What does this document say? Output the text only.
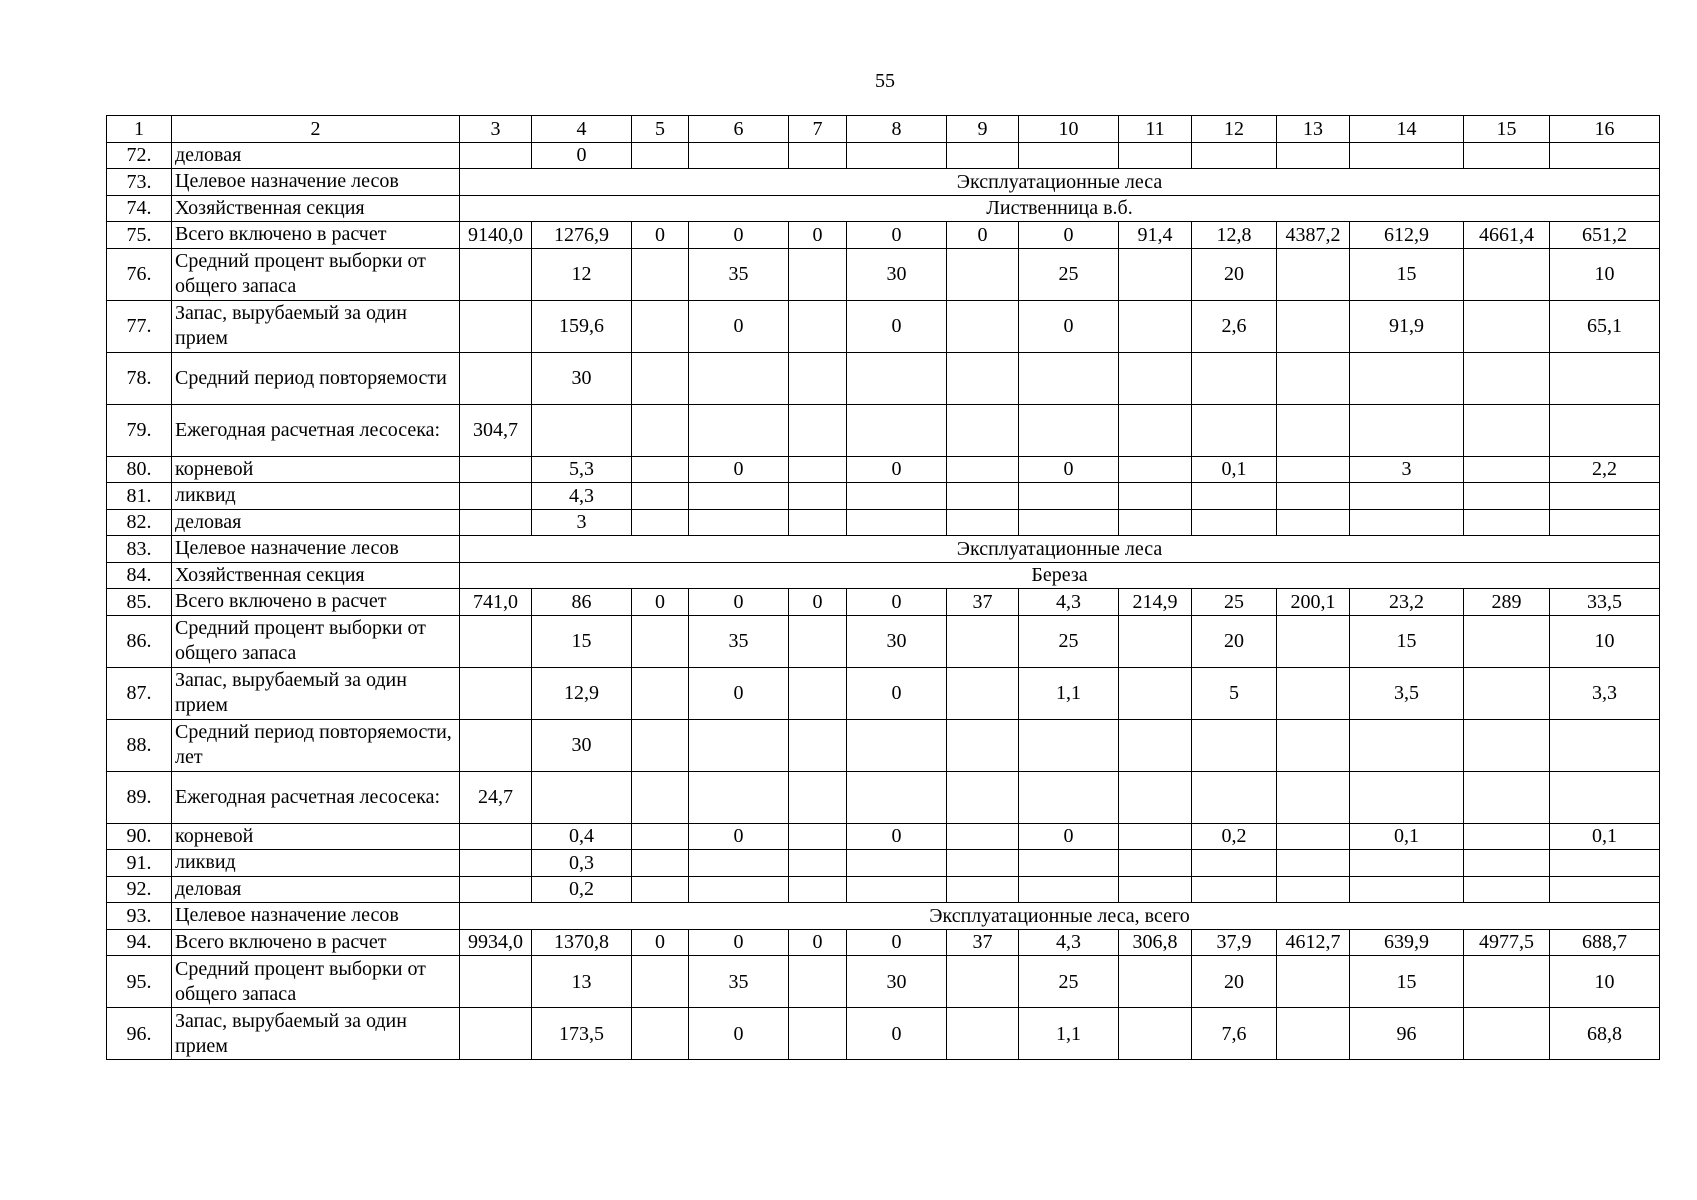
55
1	2	3	4	5	6	7	8	9	10	11	12	13	14	15	16
72.	деловая		0												
73.	Целевое назначение лесов	Эксплуатационные леса													
74.	Хозяйственная секция	Лиственница в.б.													
75.	Всего включено в расчет	9140,0	1276,9	0	0	0	0	0	0	91,4	12,8	4387,2	612,9	4661,4	651,2
76.	Средний процент выборки от общего запаса		12		35		30		25		20		15		10
77.	Запас, вырубаемый за один прием		159,6		0		0		0		2,6		91,9		65,1
78.	Средний период повторяемости		30												
79.	Ежегодная расчетная лесосека:	304,7													
80.	корневой		5,3		0		0		0		0,1		3		2,2
81.	ликвид		4,3												
82.	деловая		3												
83.	Целевое назначение лесов	Эксплуатационные леса													
84.	Хозяйственная секция	Береза													
85.	Всего включено в расчет	741,0	86	0	0	0	0	37	4,3	214,9	25	200,1	23,2	289	33,5
86.	Средний процент выборки от общего запаса		15		35		30		25		20		15		10
87.	Запас, вырубаемый за один прием		12,9		0		0		1,1		5		3,5		3,3
88.	Средний период повторяемости, лет		30												
89.	Ежегодная расчетная лесосека:	24,7													
90.	корневой		0,4		0		0		0		0,2		0,1		0,1
91.	ликвид		0,3												
92.	деловая		0,2												
93.	Целевое назначение лесов	Эксплуатационные леса, всего													
94.	Всего включено в расчет	9934,0	1370,8	0	0	0	0	37	4,3	306,8	37,9	4612,7	639,9	4977,5	688,7
95.	Средний процент выборки от общего запаса		13		35		30		25		20		15		10
96.	Запас, вырубаемый за один прием		173,5		0		0		1,1		7,6		96		68,8
